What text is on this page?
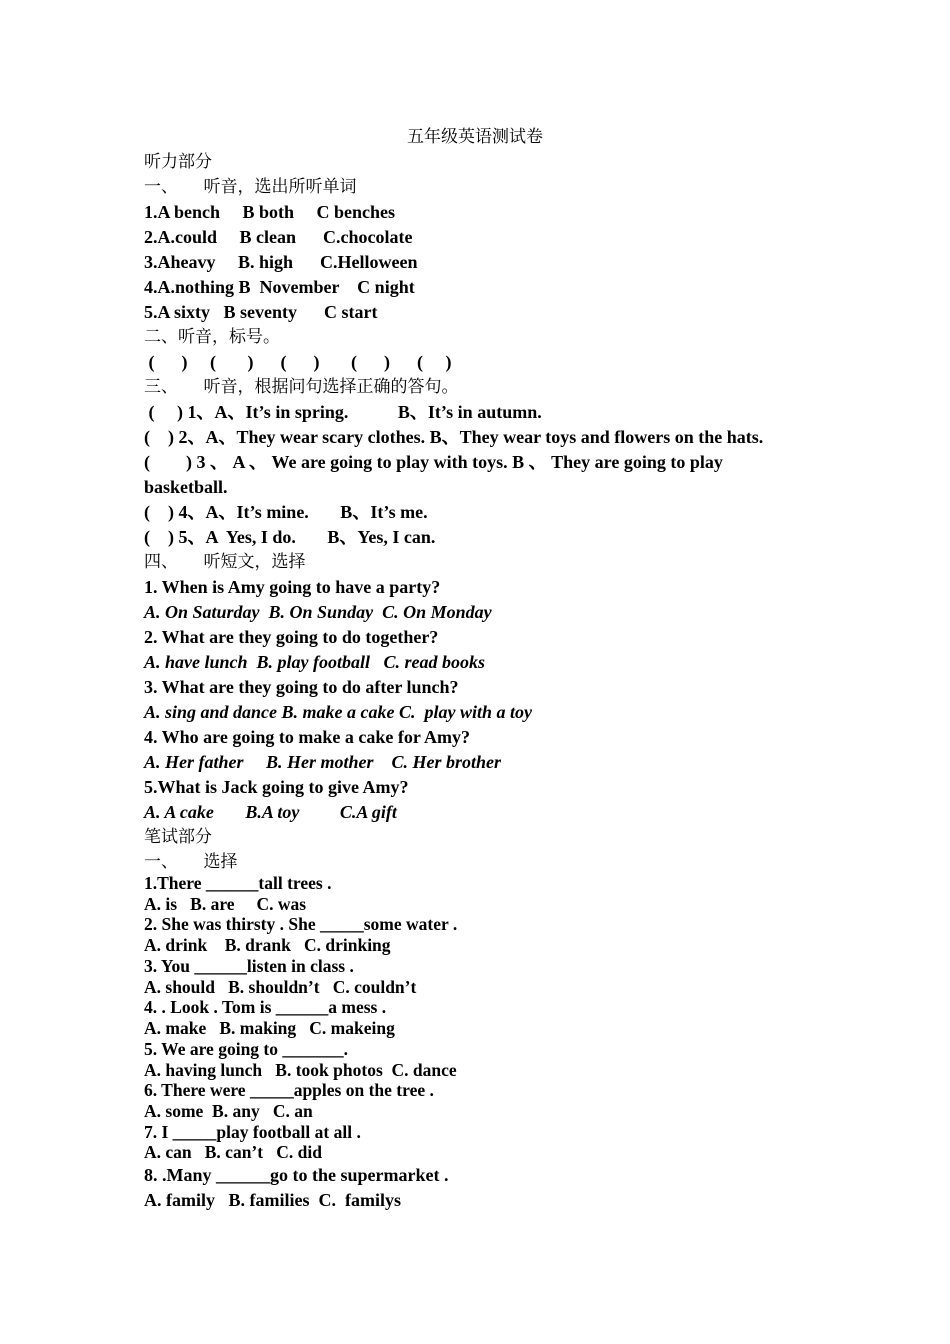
五年级英语测试卷
听力部分
一、　　听音，选出所听单词
1.A bench     B both     C benches
2.A.could     B clean      C.chocolate
3.Aheavy     B. high      C.Helloween
4.A.nothing B  November    C night
5.A sixty   B seventy      C start
二、听音，标号。
(      )     (       )      (      )       (      )      (     )
三、　　听音，根据问句选择正确的答句。
(     ) 1、A、It’s in spring.           B、It’s in autumn.
(    ) 2、A、They wear scary clothes. B、They wear toys and flowers on the hats.
(        ) 3 、 A 、 We are going to play with toys. B 、 They are going to play
basketball.
(    ) 4、A、It’s mine.       B、It’s me.
(    ) 5、A  Yes, I do.       B、Yes, I can.
四、　　听短文，选择
1. When is Amy going to have a party?
A. On Saturday  B. On Sunday  C. On Monday
2. What are they going to do together?
A. have lunch  B. play football   C. read books
3. What are they going to do after lunch?
A. sing and dance B. make a cake C.  play with a toy
4. Who are going to make a cake for Amy?
A. Her father     B. Her mother    C. Her brother
5.What is Jack going to give Amy?
A. A cake       B.A toy         C.A gift
笔试部分
一、　　选择
1.There ______tall trees .
A. is   B. are     C. was
2. She was thirsty . She _____some water .
A. drink    B. drank   C. drinking
3. You ______listen in class .
A. should   B. shouldn’t   C. couldn’t
4. . Look . Tom is ______a mess .
A. make   B. making   C. makeing
5. We are going to _______.
A. having lunch   B. took photos  C. dance
6. There were _____apples on the tree .
A. some  B. any   C. an
7. I _____play football at all .
A. can   B. can’t   C. did
8. .Many ______go to the supermarket .
A. family   B. families  C.  familys
